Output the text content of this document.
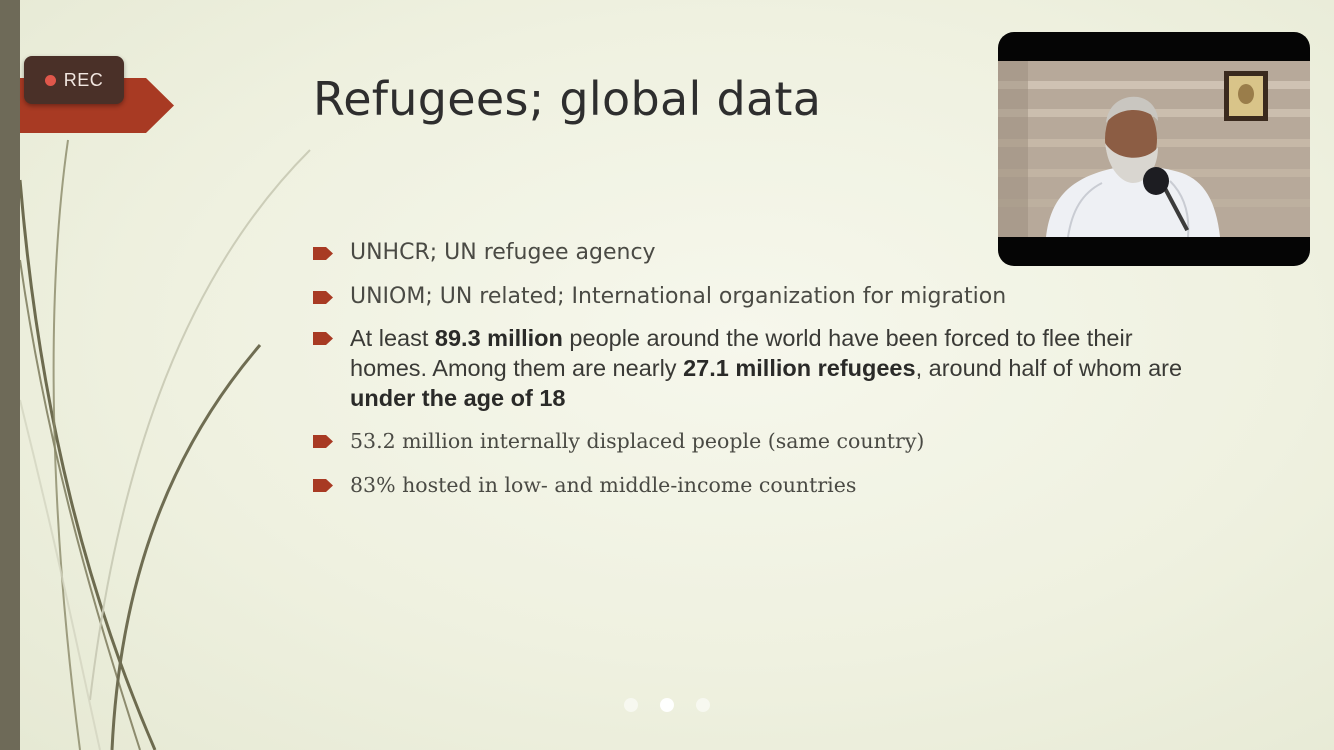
Refugees; global data
UNHCR; UN refugee agency
UNIOM; UN related; International organization for migration
At least 89.3 million people around the world have been forced to flee their homes. Among them are nearly 27.1 million refugees, around half of whom are under the age of 18
53.2 million internally displaced people (same country)
83% hosted in low- and middle-income countries
REC
